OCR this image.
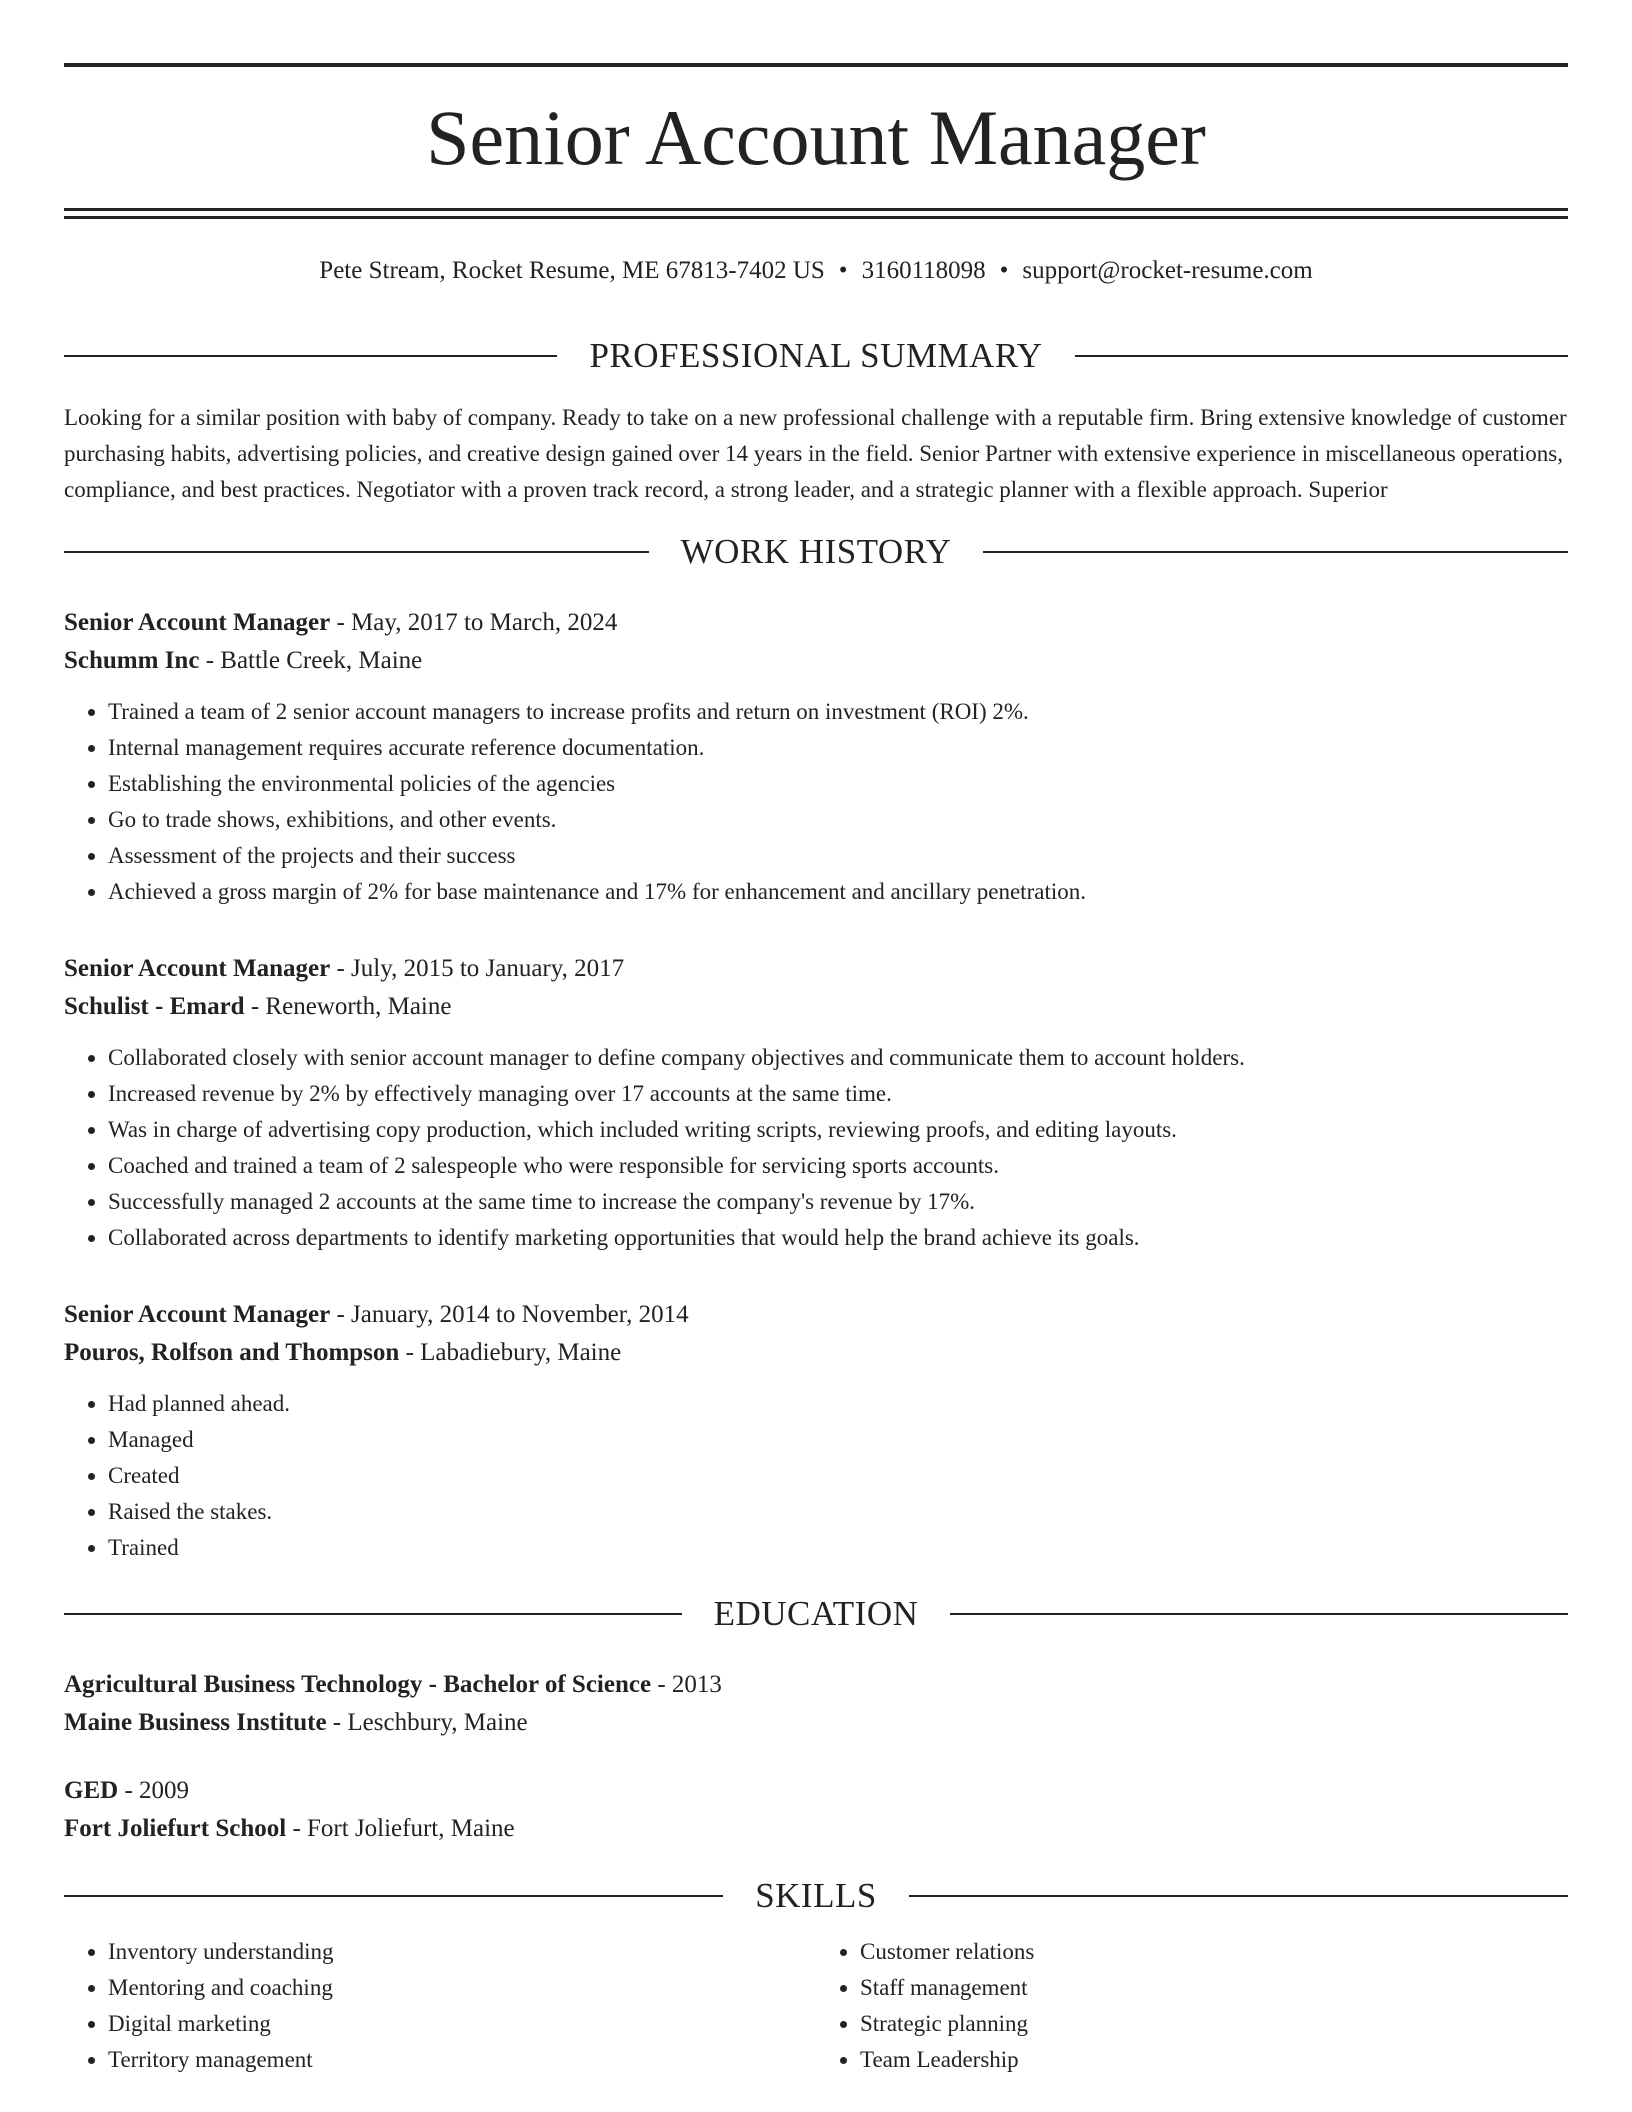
Senior Account Manager
Pete Stream, Rocket Resume, ME 67813-7402 US • 3160118098 • support@rocket-resume.com
PROFESSIONAL SUMMARY

Looking for a similar position with baby of company. Ready to take on a new professional challenge with a reputable firm. Bring extensive knowledge of customer purchasing habits, advertising policies, and creative design gained over 14 years in the field. Senior Partner with extensive experience in miscellaneous operations, compliance, and best practices. Negotiator with a proven track record, a strong leader, and a strategic planner with a flexible approach. Superior

WORK HISTORY
Senior Account Manager - May, 2017 to March, 2024
Schumm Inc - Battle Creek, Maine
• Trained a team of 2 senior account managers to increase profits and return on investment (ROI) 2%.
• Internal management requires accurate reference documentation.
• Establishing the environmental policies of the agencies
• Go to trade shows, exhibitions, and other events.
• Assessment of the projects and their success
• Achieved a gross margin of 2% for base maintenance and 17% for enhancement and ancillary penetration.
Senior Account Manager - July, 2015 to January, 2017
Schulist - Emard - Reneworth, Maine
• Collaborated closely with senior account manager to define company objectives and communicate them to account holders.
• Increased revenue by 2% by effectively managing over 17 accounts at the same time.
• Was in charge of advertising copy production, which included writing scripts, reviewing proofs, and editing layouts.
• Coached and trained a team of 2 salespeople who were responsible for servicing sports accounts.
• Successfully managed 2 accounts at the same time to increase the company's revenue by 17%.
• Collaborated across departments to identify marketing opportunities that would help the brand achieve its goals.
Senior Account Manager - January, 2014 to November, 2014
Pouros, Rolfson and Thompson - Labadiebury, Maine
• Had planned ahead.
• Managed
• Created
• Raised the stakes.
• Trained
EDUCATION
Agricultural Business Technology - Bachelor of Science - 2013
Maine Business Institute - Leschbury, Maine
GED - 2009
Fort Joliefurt School - Fort Joliefurt, Maine
SKILLS
• Inventory understanding
• Mentoring and coaching
• Digital marketing
• Territory management
• Customer relations
• Staff management
• Strategic planning
• Team Leadership
